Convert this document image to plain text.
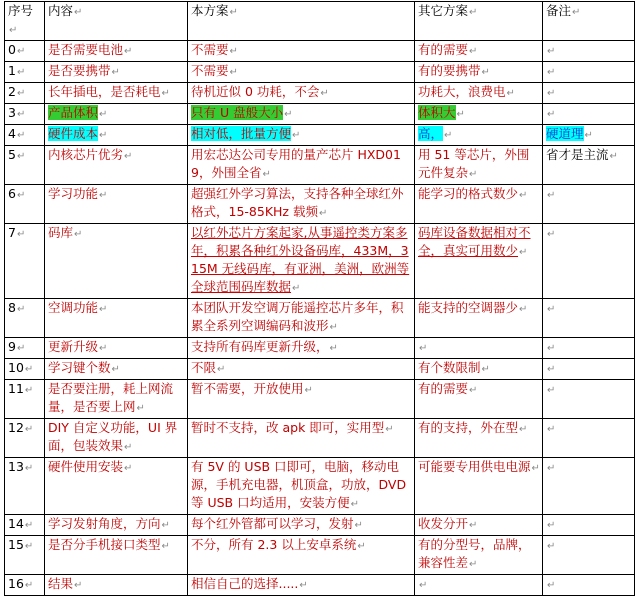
序号↵	内容↵	本方案↵	其它方案↵	备注↵
0↵	是否需要电池↵	不需要↵	有的需要↵	↵
1↵	是否要携带↵	不需要↵	有的要携带↵	↵
2↵	长年插电，是否耗电↵	待机近似 0 功耗，不会↵	功耗大，浪费电↵	↵
3↵	产品体积↵	只有 U 盘般大小↵	体积大↵	↵
4↵	硬件成本↵	相对低，批量方便↵	高，↵	硬道理↵
5↵	内核芯片优劣↵	用宏芯达公司专用的量产芯片 HXD019，外围全省↵	用 51 等芯片，外围元件复杂↵	省才是主流↵
6↵	学习功能↵	超强红外学习算法，支持各种全球红外格式，15-85KHz 载频↵	能学习的格式数少↵	↵
7↵	码库↵	以红外芯片方案起家,从事遥控类方案多年，积累各种红外设备码库，433M，315M 无线码库，有亚洲，美洲，欧洲等全球范围码库数据↵	码库设备数据相对不全，真实可用数少↵	↵
8↵	空调功能↵	本团队开发空调万能遥控芯片多年，积累全系列空调编码和波形↵	能支持的空调器少↵	↵
9↵	更新升级↵	支持所有码库更新升级，↵	↵	↵
10↵	学习键个数↵	不限↵	有个数限制↵	↵
11↵	是否要注册，耗上网流量，是否要上网↵	暂不需要，开放使用↵	有的需要↵	↵
12↵	DIY 自定义功能，UI 界面，包装效果↵	暂时不支持，改 apk 即可，实用型↵	有的支持，外在型↵	↵
13↵	硬件使用安装↵	有 5V 的 USB 口即可，电脑，移动电源，手机充电器，机顶盒，功放，DVD 等 USB 口均适用，安装方便↵	可能要专用供电电源↵	↵
14↵	学习发射角度，方向↵	每个红外管都可以学习，发射↵	收发分开↵	↵
15↵	是否分手机接口类型↵	不分，所有 2.3 以上安卓系统↵	有的分型号，品牌，兼容性差↵	↵
16↵	结果↵	相信自己的选择.....↵	↵	↵
